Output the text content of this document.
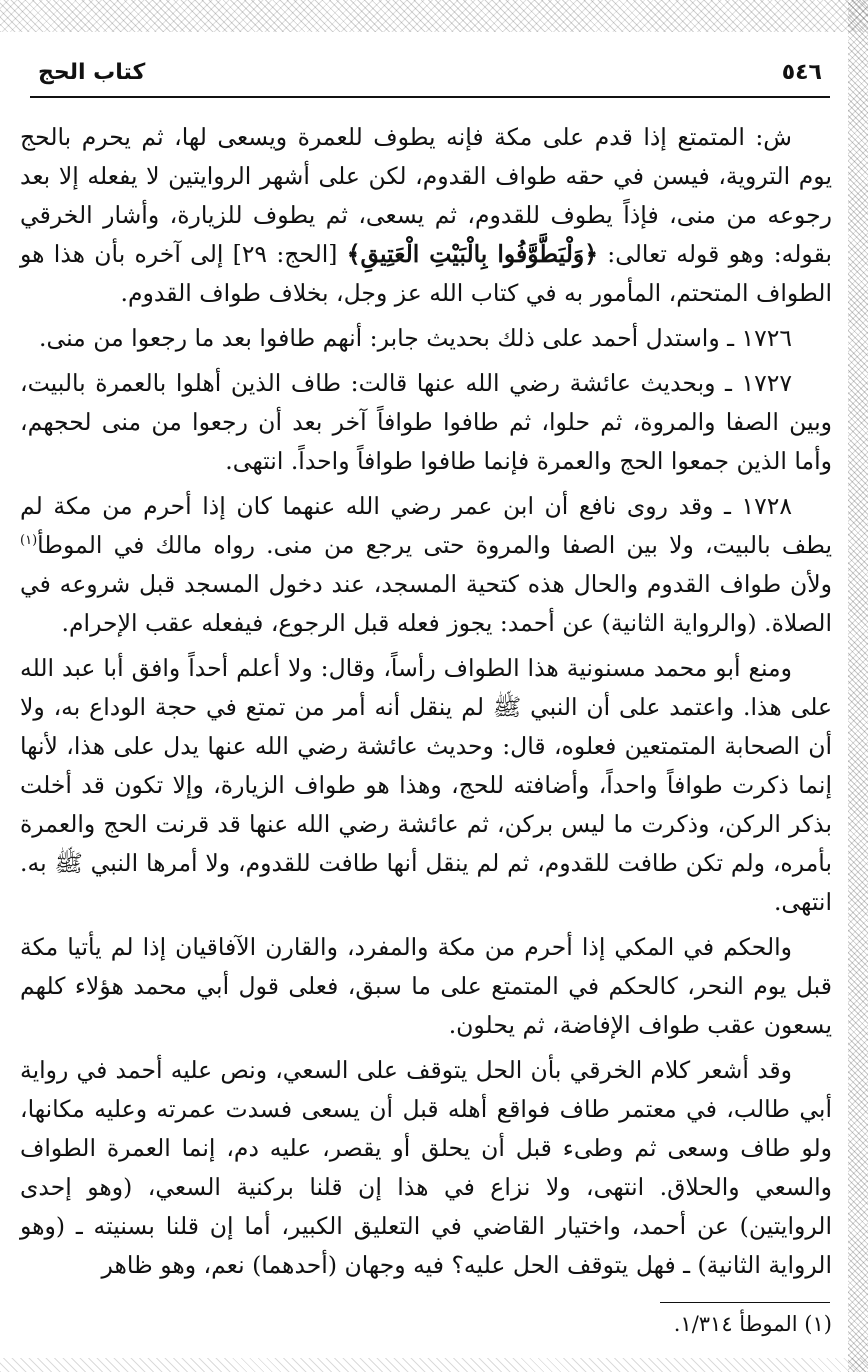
٥٤٦
كتاب الحج

ش: المتمتع إذا قدم على مكة فإنه يطوف للعمرة ويسعى لها، ثم يحرم بالحج يوم التروية، فيسن في حقه طواف القدوم، لكن على أشهر الروايتين لا يفعله إلا بعد رجوعه من منى، فإذاً يطوف للقدوم، ثم يسعى، ثم يطوف للزيارة، وأشار الخرقي بقوله: وهو قوله تعالى: ﴿وَلْيَطَّوَّفُوا بِالْبَيْتِ الْعَتِيقِ﴾ [الحج: ٢٩] إلى آخره بأن هذا هو الطواف المتحتم، المأمور به في كتاب الله عز وجل، بخلاف طواف القدوم.

١٧٢٦ ـ واستدل أحمد على ذلك بحديث جابر: أنهم طافوا بعد ما رجعوا من منى.

١٧٢٧ ـ وبحديث عائشة رضي الله عنها قالت: طاف الذين أهلوا بالعمرة بالبيت، وبين الصفا والمروة، ثم حلوا، ثم طافوا طوافاً آخر بعد أن رجعوا من منى لحجهم، وأما الذين جمعوا الحج والعمرة فإنما طافوا طوافاً واحداً. انتهى.

١٧٢٨ ـ وقد روى نافع أن ابن عمر رضي الله عنهما كان إذا أحرم من مكة لم يطف بالبيت، ولا بين الصفا والمروة حتى يرجع من منى. رواه مالك في الموطأ$^{(١)}$ ولأن طواف القدوم والحال هذه كتحية المسجد، عند دخول المسجد قبل شروعه في الصلاة. (والرواية الثانية) عن أحمد: يجوز فعله قبل الرجوع، فيفعله عقب الإحرام.

ومنع أبو محمد مسنونية هذا الطواف رأساً، وقال: ولا أعلم أحداً وافق أبا عبد الله على هذا. واعتمد على أن النبي ﷺ لم ينقل أنه أمر من تمتع في حجة الوداع به، ولا أن الصحابة المتمتعين فعلوه، قال: وحديث عائشة رضي الله عنها يدل على هذا، لأنها إنما ذكرت طوافاً واحداً، وأضافته للحج، وهذا هو طواف الزيارة، وإلا تكون قد أخلت بذكر الركن، وذكرت ما ليس بركن، ثم عائشة رضي الله عنها قد قرنت الحج والعمرة بأمره، ولم تكن طافت للقدوم، ثم لم ينقل أنها طافت للقدوم، ولا أمرها النبي ﷺ به. انتهى.

والحكم في المكي إذا أحرم من مكة والمفرد، والقارن الآفاقيان إذا لم يأتيا مكة قبل يوم النحر، كالحكم في المتمتع على ما سبق، فعلى قول أبي محمد هؤلاء كلهم يسعون عقب طواف الإفاضة، ثم يحلون.

وقد أشعر كلام الخرقي بأن الحل يتوقف على السعي، ونص عليه أحمد في رواية أبي طالب، في معتمر طاف فواقع أهله قبل أن يسعى فسدت عمرته وعليه مكانها، ولو طاف وسعى ثم وطىء قبل أن يحلق أو يقصر، عليه دم، إنما العمرة الطواف والسعي والحلاق. انتهى، ولا نزاع في هذا إن قلنا بركنية السعي، (وهو إحدى الروايتين) عن أحمد، واختيار القاضي في التعليق الكبير، أما إن قلنا بسنيته ـ (وهو الرواية الثانية) ـ فهل يتوقف الحل عليه؟ فيه وجهان (أحدهما) نعم، وهو ظاهر

(١) الموطأ ١/٣١٤.
